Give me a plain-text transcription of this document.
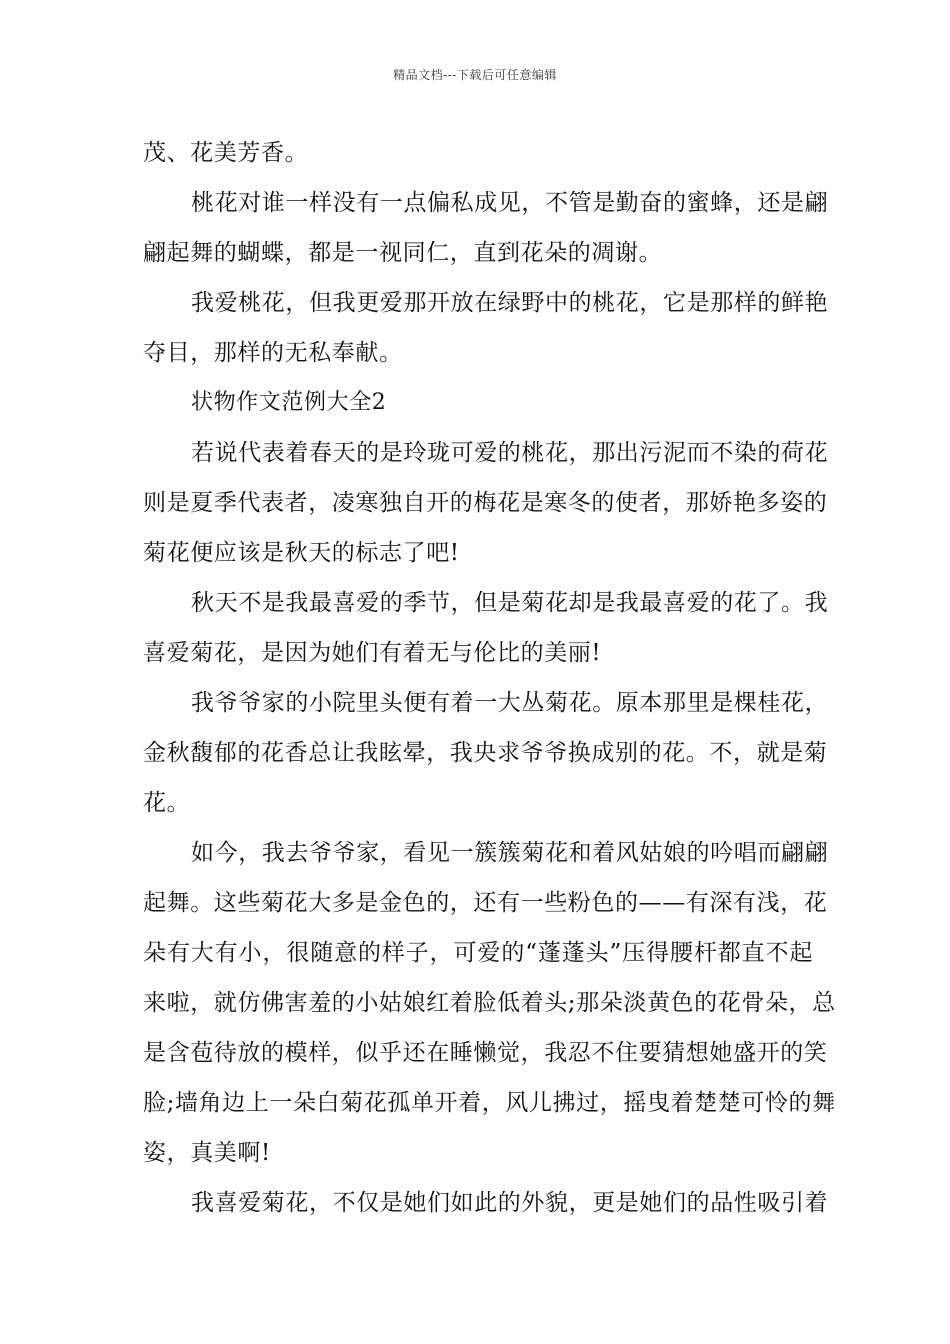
精品文档---下载后可任意编辑
茂、花美芳香。
桃花对谁一样没有一点偏私成见，不管是勤奋的蜜蜂，还是翩
翩起舞的蝴蝶，都是一视同仁，直到花朵的凋谢。
我爱桃花，但我更爱那开放在绿野中的桃花，它是那样的鲜艳
夺目，那样的无私奉献。
状物作文范例大全2
若说代表着春天的是玲珑可爱的桃花，那出污泥而不染的荷花
则是夏季代表者，凌寒独自开的梅花是寒冬的使者，那娇艳多姿的
菊花便应该是秋天的标志了吧!
秋天不是我最喜爱的季节，但是菊花却是我最喜爱的花了。我
喜爱菊花，是因为她们有着无与伦比的美丽!
我爷爷家的小院里头便有着一大丛菊花。原本那里是棵桂花，
金秋馥郁的花香总让我眩晕，我央求爷爷换成别的花。不，就是菊
花。
如今，我去爷爷家，看见一簇簇菊花和着风姑娘的吟唱而翩翩
起舞。这些菊花大多是金色的，还有一些粉色的——有深有浅，花
朵有大有小，很随意的样子，可爱的“蓬蓬头”压得腰杆都直不起
来啦，就仿佛害羞的小姑娘红着脸低着头;那朵淡黄色的花骨朵，总
是含苞待放的模样，似乎还在睡懒觉，我忍不住要猜想她盛开的笑
脸;墙角边上一朵白菊花孤单开着，风儿拂过，摇曳着楚楚可怜的舞
姿，真美啊!
我喜爱菊花，不仅是她们如此的外貌，更是她们的品性吸引着
